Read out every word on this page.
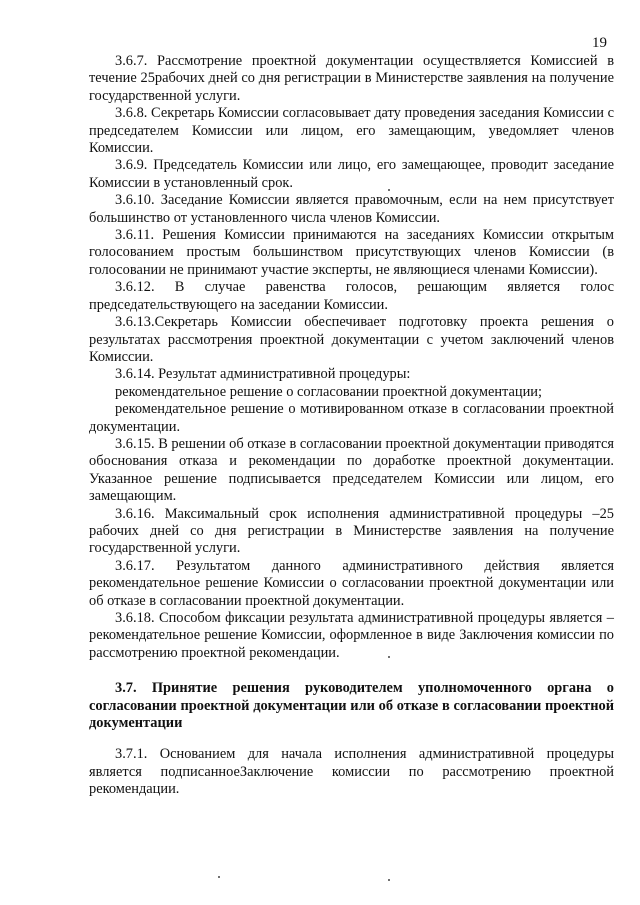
19

3.6.7. Рассмотрение проектной документации осуществляется Комиссией в течение 25рабочих дней со дня регистрации в Министерстве заявления на получение государственной услуги.

3.6.8. Секретарь Комиссии согласовывает дату проведения заседания Комиссии с председателем Комиссии или лицом, его замещающим, уведомляет членов Комиссии.

3.6.9. Председатель Комиссии или лицо, его замещающее, проводит заседание Комиссии в установленный срок.

3.6.10. Заседание Комиссии является правомочным, если на нем присутствует большинство от установленного числа членов Комиссии.

3.6.11. Решения Комиссии принимаются на заседаниях Комиссии открытым голосованием простым большинством присутствующих членов Комиссии (в голосовании не принимают участие эксперты, не являющиеся членами Комиссии).

3.6.12. В случае равенства голосов, решающим является голос председательствующего на заседании Комиссии.

3.6.13.Секретарь Комиссии обеспечивает подготовку проекта решения о результатах рассмотрения проектной документации с учетом заключений членов Комиссии.

3.6.14. Результат административной процедуры:

рекомендательное решение о согласовании проектной документации;

рекомендательное решение о мотивированном отказе в согласовании проектной документации.

3.6.15. В решении об отказе в согласовании проектной документации приводятся обоснования отказа и рекомендации по доработке проектной документации. Указанное решение подписывается председателем Комиссии или лицом, его замещающим.

3.6.16. Максимальный срок исполнения административной процедуры –25 рабочих дней со дня регистрации в Министерстве заявления на получение государственной услуги.

3.6.17. Результатом данного административного действия является рекомендательное решение Комиссии о согласовании проектной документации или об отказе в согласовании проектной документации.

3.6.18. Способом фиксации результата административной процедуры является – рекомендательное решение Комиссии, оформленное в виде Заключения комиссии по рассмотрению проектной рекомендации.

3.7. Принятие решения руководителем уполномоченного органа о согласовании проектной документации или об отказе в согласовании проектной документации

3.7.1. Основанием для начала исполнения административной процедуры является подписанноеЗаключение комиссии по рассмотрению проектной рекомендации.
